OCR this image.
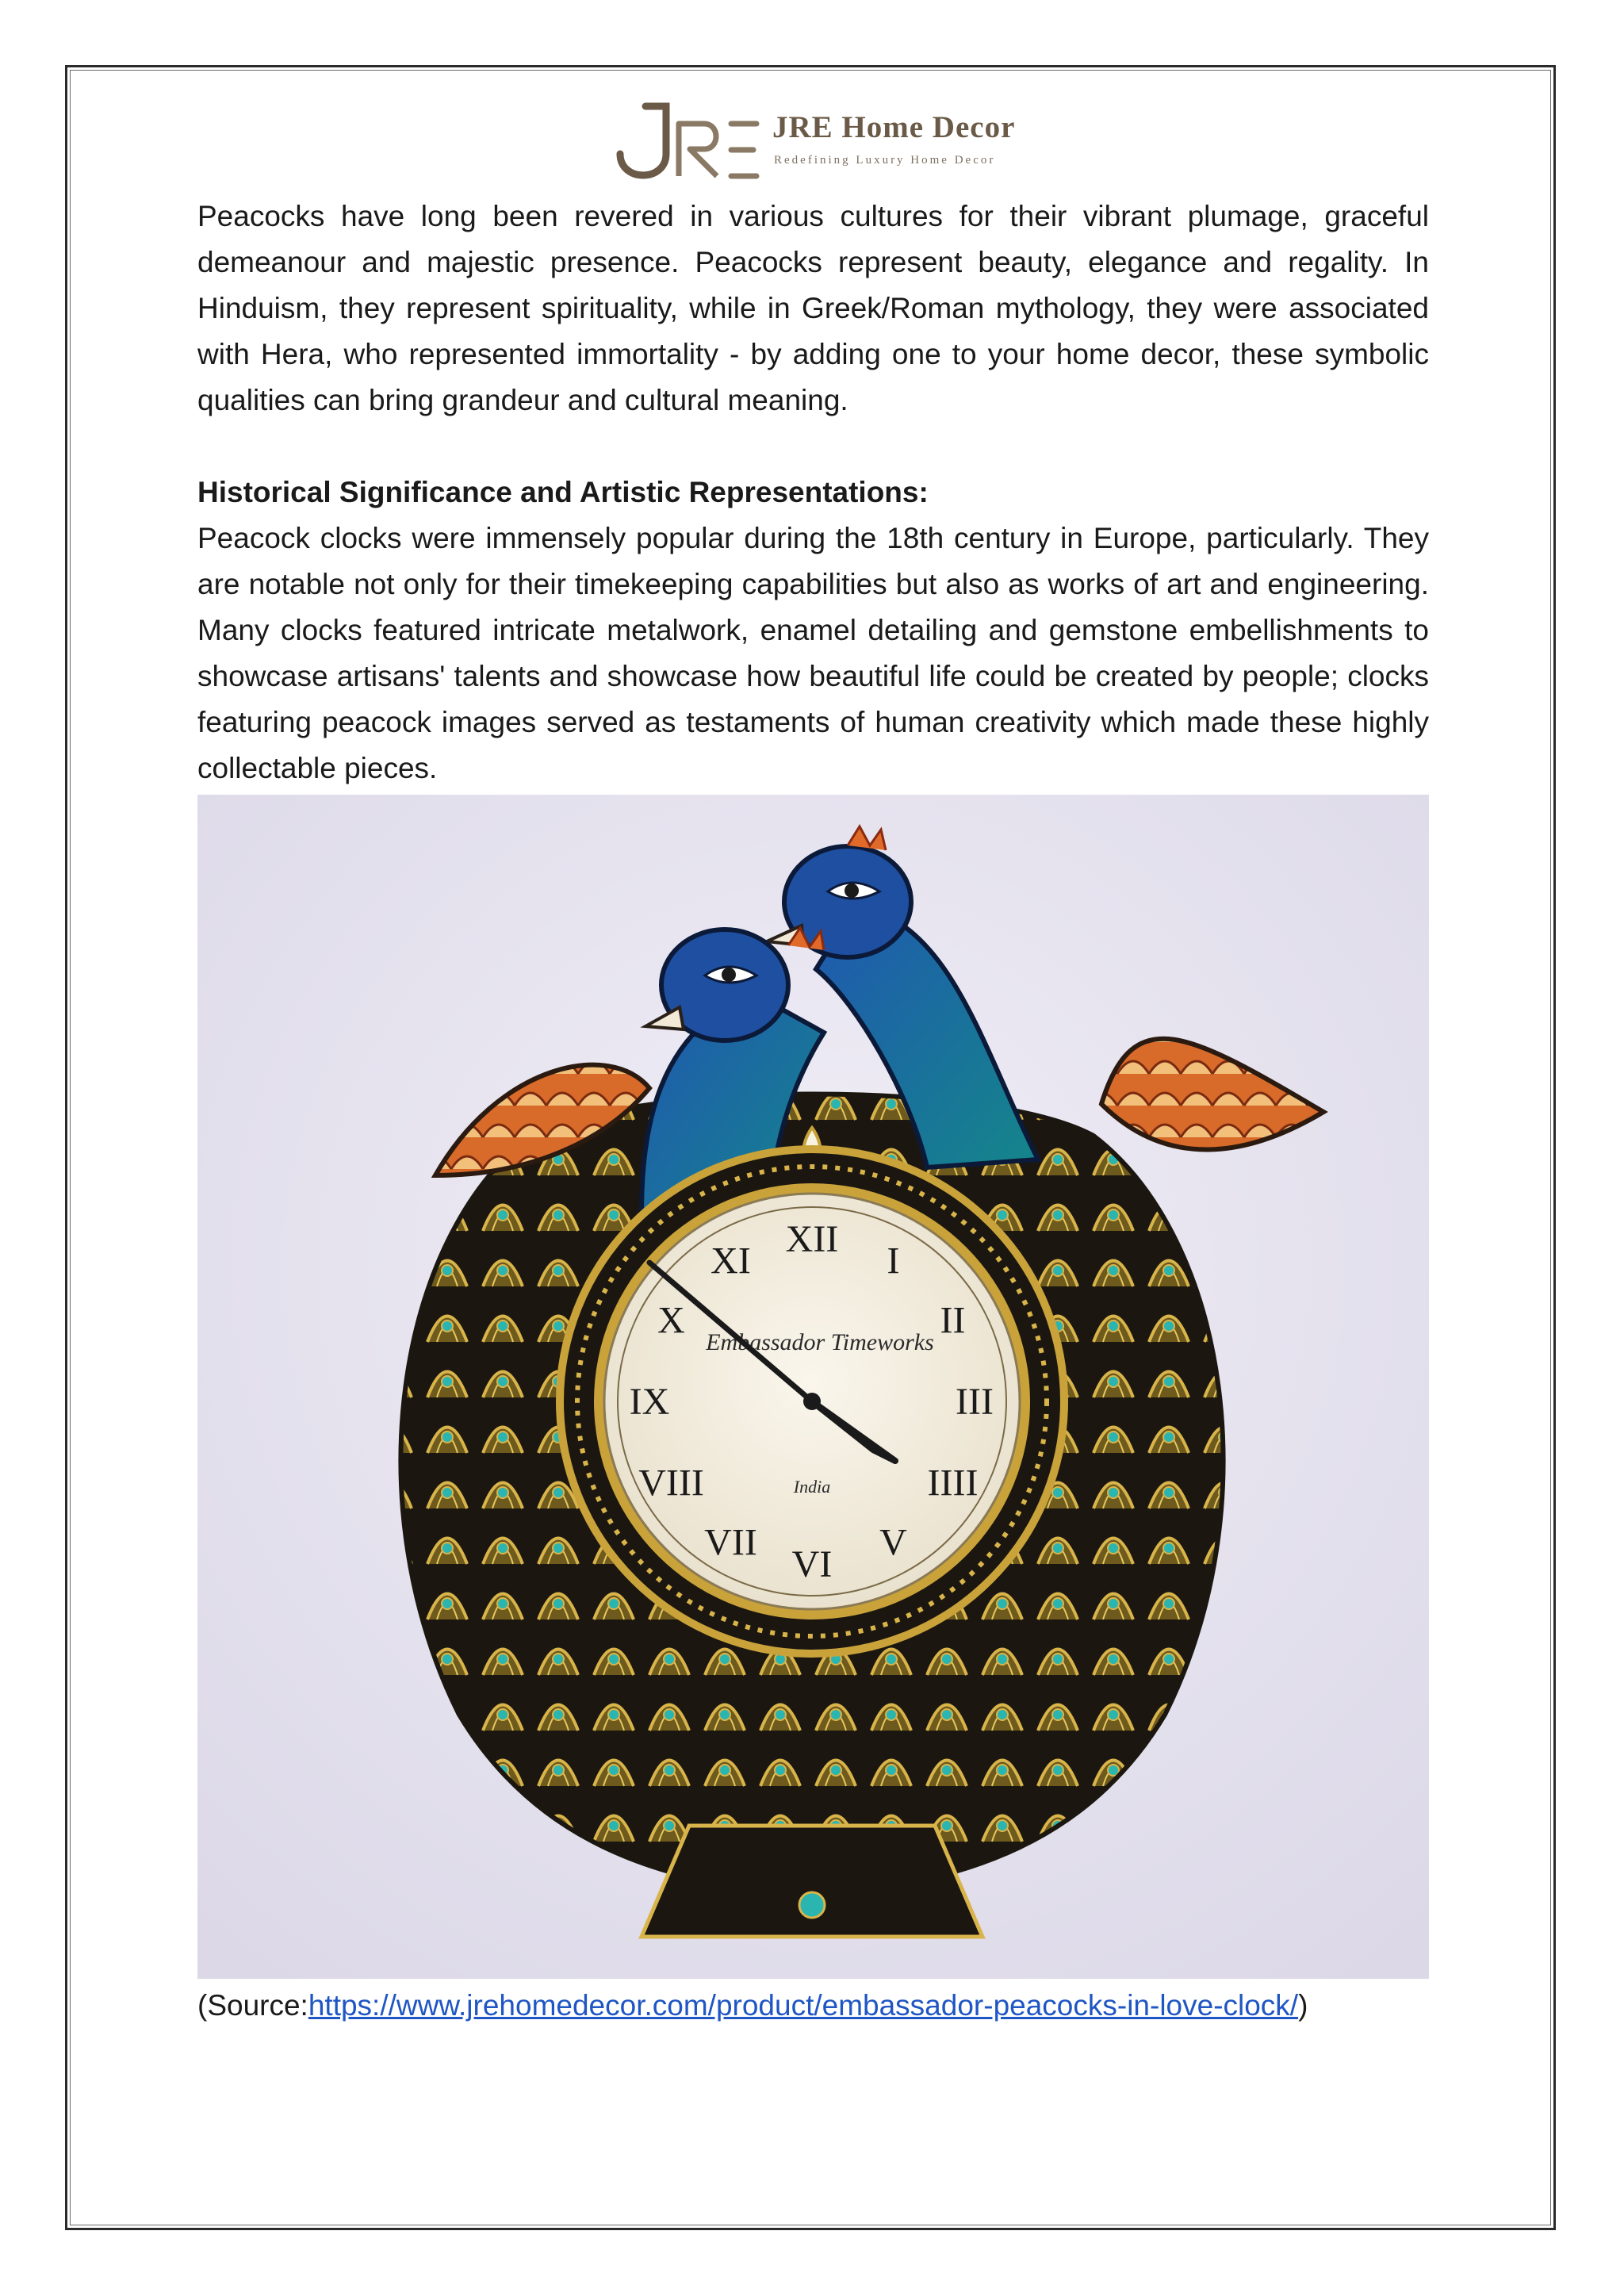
JRE

JRE Home Decor

Redefining Luxury Home Decor

Peacocks have long been revered in various cultures for their vibrant plumage, graceful demeanour and majestic presence. Peacocks represent beauty, elegance and regality. In Hinduism, they represent spirituality, while in Greek/Roman mythology, they were associated with Hera, who represented immortality - by adding one to your home decor, these symbolic qualities can bring grandeur and cultural meaning.

Historical Significance and Artistic Representations:

Peacock clocks were immensely popular during the 18th century in Europe, particularly. They are notable not only for their timekeeping capabilities but also as works of art and engineering. Many clocks featured intricate metalwork, enamel detailing and gemstone embellishments to showcase artisans' talents and showcase how beautiful life could be created by people; clocks featuring peacock images served as testaments of human creativity which made these highly collectable pieces.

XII
I
II
III
IIII
V
VI
VII
VIII
IX
X
XI
Embassador Timeworks
India

(Source:https://www.jrehomedecor.com/product/embassador-peacocks-in-love-clock/)
